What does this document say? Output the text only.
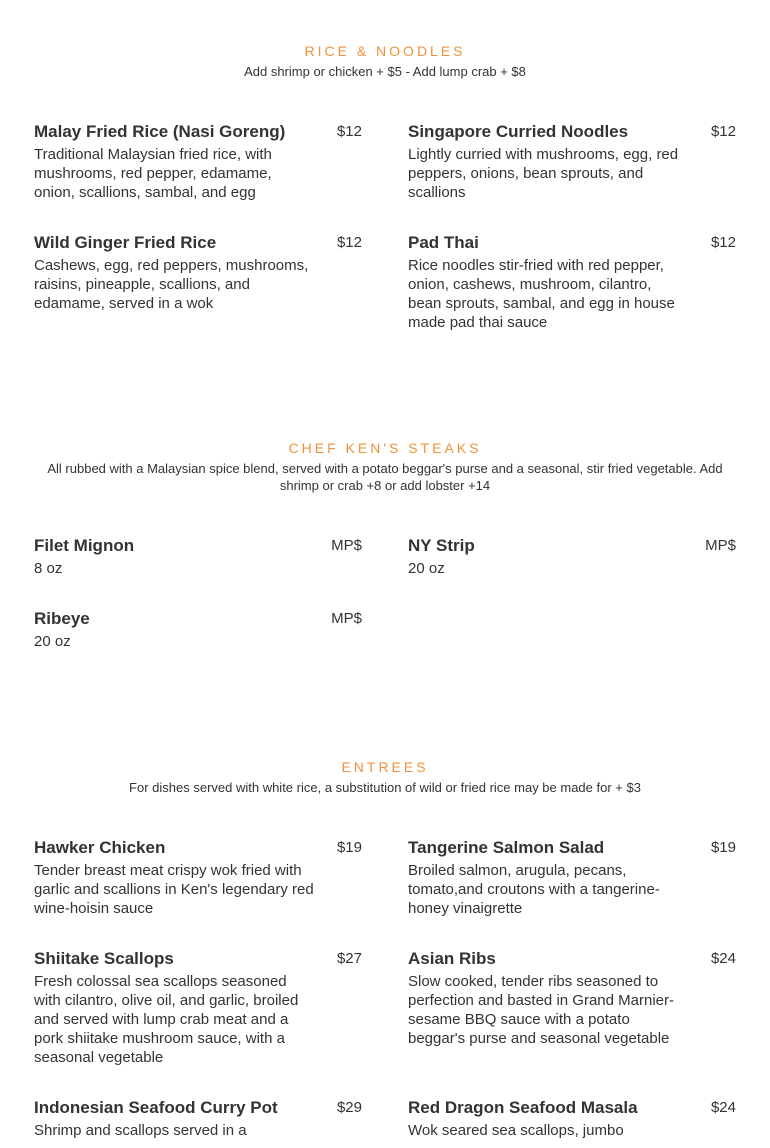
RICE & NOODLES

Add shrimp or chicken + $5 - Add lump crab + $8

Malay Fried Rice (Nasi Goreng)	$12
Traditional Malaysian fried rice, with mushrooms, red pepper, edamame, onion, scallions, sambal, and egg
Singapore Curried Noodles	$12
Lightly curried with mushrooms, egg, red peppers, onions, bean sprouts, and scallions
Wild Ginger Fried Rice	$12
Cashews, egg, red peppers, mushrooms, raisins, pineapple, scallions, and edamame, served in a wok
Pad Thai	$12
Rice noodles stir-fried with red pepper, onion, cashews, mushroom, cilantro, bean sprouts, sambal, and egg in house made pad thai sauce
CHEF KEN'S STEAKS

All rubbed with a Malaysian spice blend, served with a potato beggar's purse and a seasonal, stir fried vegetable. Add shrimp or crab +8 or add lobster +14

Filet Mignon	MP$
8 oz
NY Strip	MP$
20 oz
Ribeye	MP$
20 oz
ENTREES

For dishes served with white rice, a substitution of wild or fried rice may be made for + $3

Hawker Chicken	$19
Tender breast meat crispy wok fried with garlic and scallions in Ken's legendary red wine-hoisin sauce
Tangerine Salmon Salad	$19
Broiled salmon, arugula, pecans, tomato,and croutons with a tangerine-honey vinaigrette
Shiitake Scallops	$27
Fresh colossal sea scallops seasoned with cilantro, olive oil, and garlic, broiled and served with lump crab meat and a pork shiitake mushroom sauce, with a seasonal vegetable
Asian Ribs	$24
Slow cooked, tender ribs seasoned to perfection and basted in Grand Marnier-sesame BBQ sauce with a potato beggar's purse and seasonal vegetable
Indonesian Seafood Curry Pot	$29
Shrimp and scallops served in a
Red Dragon Seafood Masala	$24
Wok seared sea scallops, jumbo
